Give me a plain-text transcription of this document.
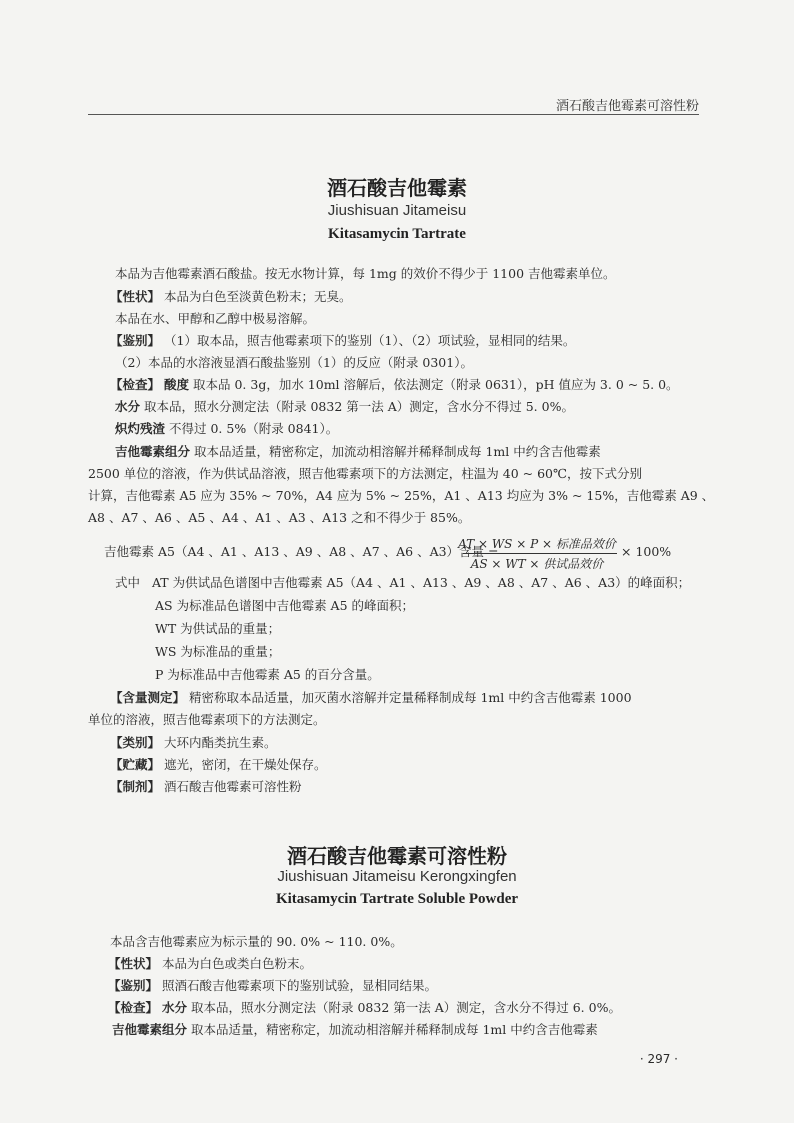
酒石酸吉他霉素可溶性粉
酒石酸吉他霉素
Jiushisuan Jitameisu
Kitasamycin Tartrate
本品为吉他霉素酒石酸盐。按无水物计算，每 1mg 的效价不得少于 1100 吉他霉素单位。
【性状】 本品为白色至淡黄色粉末；无臭。
本品在水、甲醇和乙醇中极易溶解。
【鉴别】 （1）取本品，照吉他霉素项下的鉴别（1）、（2）项试验，显相同的结果。
（2）本品的水溶液显酒石酸盐鉴别（1）的反应（附录 0301）。
【检查】 酸度 取本品 0. 3g，加水 10ml 溶解后，依法测定（附录 0631），pH 值应为 3. 0 ~ 5. 0。
水分 取本品，照水分测定法（附录 0832 第一法 A）测定，含水分不得过 5. 0%。
炽灼残渣 不得过 0. 5%（附录 0841）。
吉他霉素组分 取本品适量，精密称定，加流动相溶解并稀释制成每 1ml 中约含吉他霉素
2500 单位的溶液，作为供试品溶液，照吉他霉素项下的方法测定，柱温为 40 ~ 60℃，按下式分别
计算，吉他霉素 A5 应为 35% ~ 70%，A4 应为 5% ~ 25%，A1 、A13 均应为 3% ~ 15%，吉他霉素 A9 、
A8 、A7 、A6 、A5 、A4 、A1 、A3 、A13 之和不得少于 85%。
吉他霉素 A5（A4 、A1 、A13 、A9 、A8 、A7 、A6 、A3）含量 =
AT × WS × P × 标准品效价
AS × WT × 供试品效价
× 100%
式中 AT 为供试品色谱图中吉他霉素 A5（A4 、A1 、A13 、A9 、A8 、A7 、A6 、A3）的峰面积；
AS 为标准品色谱图中吉他霉素 A5 的峰面积；
WT 为供试品的重量；
WS 为标准品的重量；
P 为标准品中吉他霉素 A5 的百分含量。
【含量测定】 精密称取本品适量，加灭菌水溶解并定量稀释制成每 1ml 中约含吉他霉素 1000
单位的溶液，照吉他霉素项下的方法测定。
【类别】 大环内酯类抗生素。
【贮藏】 遮光，密闭，在干燥处保存。
【制剂】 酒石酸吉他霉素可溶性粉
酒石酸吉他霉素可溶性粉
Jiushisuan Jitameisu Kerongxingfen
Kitasamycin Tartrate Soluble Powder
本品含吉他霉素应为标示量的 90. 0% ~ 110. 0%。
【性状】 本品为白色或类白色粉末。
【鉴别】 照酒石酸吉他霉素项下的鉴别试验，显相同结果。
【检查】 水分 取本品，照水分测定法（附录 0832 第一法 A）测定，含水分不得过 6. 0%。
吉他霉素组分 取本品适量，精密称定，加流动相溶解并稀释制成每 1ml 中约含吉他霉素
· 297 ·
